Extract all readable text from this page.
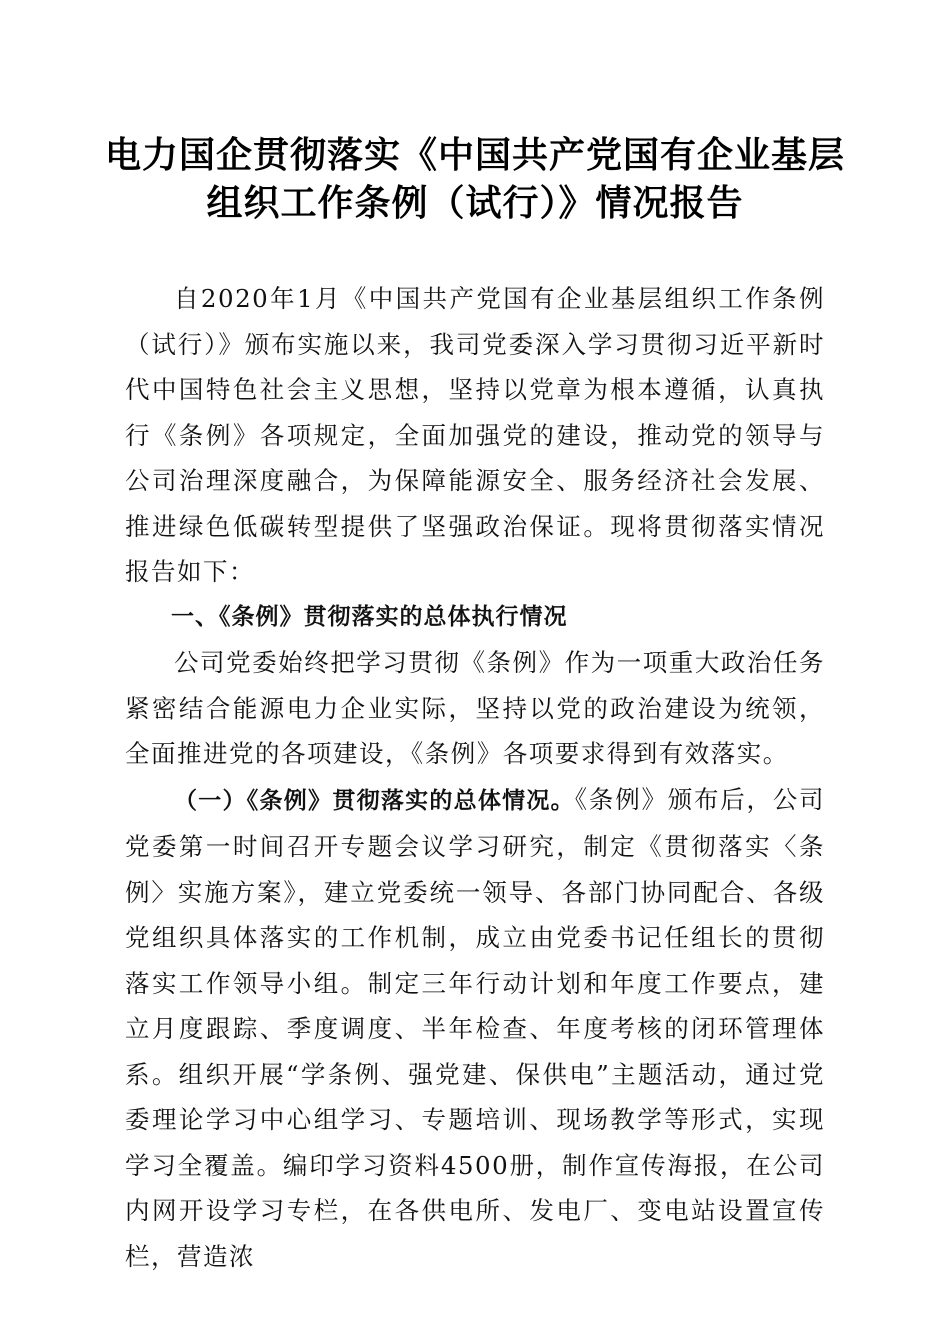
电力国企贯彻落实《中国共产党国有企业基层
组织工作条例（试行）》情况报告

自2020年1月《中国共产党国有企业基层组织工作条例（试行）》颁布实施以来，我司党委深入学习贯彻习近平新时代中国特色社会主义思想，坚持以党章为根本遵循，认真执行《条例》各项规定，全面加强党的建设，推动党的领导与公司治理深度融合，为保障能源安全、服务经济社会发展、推进绿色低碳转型提供了坚强政治保证。现将贯彻落实情况报告如下：

一、《条例》贯彻落实的总体执行情况

公司党委始终把学习贯彻《条例》作为一项重大政治任务紧密结合能源电力企业实际，坚持以党的政治建设为统领，全面推进党的各项建设，《条例》各项要求得到有效落实。

（一）《条例》贯彻落实的总体情况。《条例》颁布后，公司党委第一时间召开专题会议学习研究，制定《贯彻落实〈条例〉实施方案》，建立党委统一领导、各部门协同配合、各级党组织具体落实的工作机制，成立由党委书记任组长的贯彻落实工作领导小组。制定三年行动计划和年度工作要点，建立月度跟踪、季度调度、半年检查、年度考核的闭环管理体系。组织开展“学条例、强党建、保供电”主题活动，通过党委理论学习中心组学习、专题培训、现场教学等形式，实现学习全覆盖。编印学习资料4500册，制作宣传海报，在公司内网开设学习专栏，在各供电所、发电厂、变电站设置宣传栏，营造浓
